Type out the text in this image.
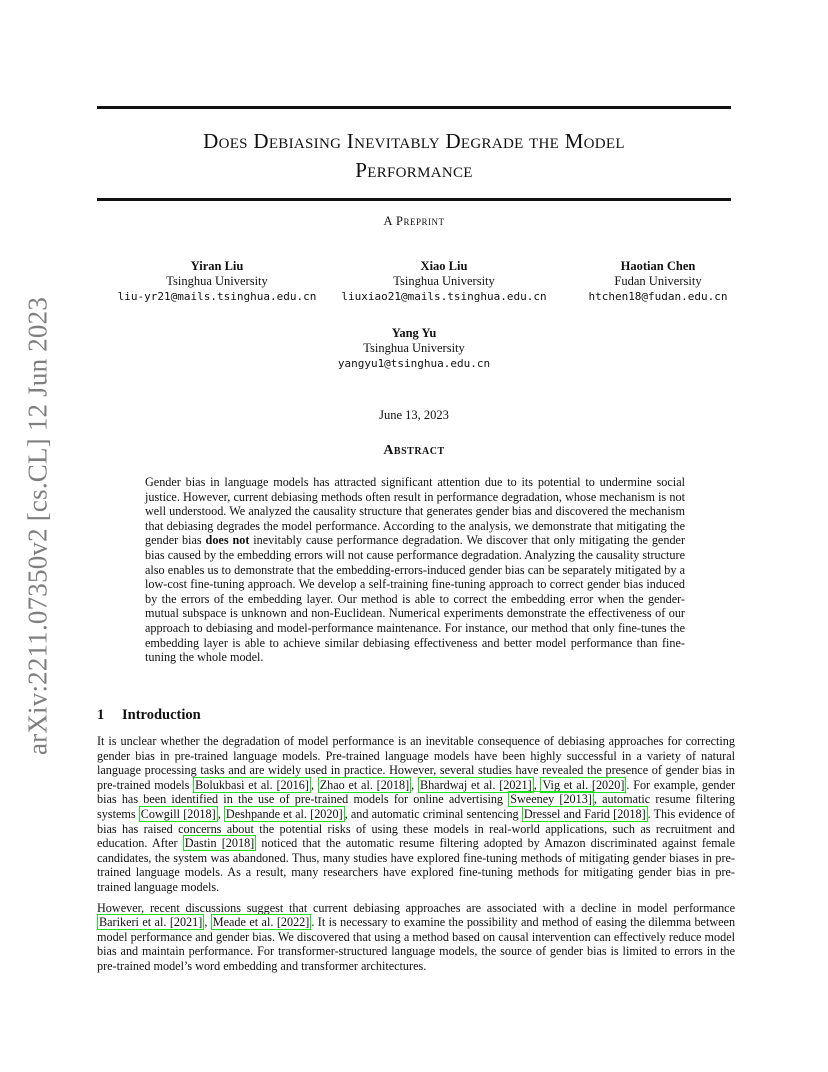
arXiv:2211.07350v2 [cs.CL] 12 Jun 2023
Does Debiasing Inevitably Degrade the Model
Performance
A Preprint
Yiran Liu
Tsinghua University
liu-yr21@mails.tsinghua.edu.cn
Xiao Liu
Tsinghua University
liuxiao21@mails.tsinghua.edu.cn
Haotian Chen
Fudan University
htchen18@fudan.edu.cn
Yang Yu
Tsinghua University
yangyu1@tsinghua.edu.cn
June 13, 2023
Abstract
Gender bias in language models has attracted significant attention due to its potential to undermine social justice. However, current debiasing methods often result in performance degradation, whose mechanism is not well understood. We analyzed the causality structure that generates gender bias and discovered the mechanism that debiasing degrades the model performance. According to the analysis, we demonstrate that mitigating the gender bias does not inevitably cause performance degradation. We discover that only mitigating the gender bias caused by the embedding errors will not cause performance degradation. Analyzing the causality structure also enables us to demonstrate that the embedding-errors-induced gender bias can be separately mitigated by a low-cost fine-tuning approach. We develop a self-training fine-tuning approach to correct gender bias induced by the errors of the embedding layer. Our method is able to correct the embedding error when the gender-mutual subspace is unknown and non-Euclidean. Numerical experiments demonstrate the effectiveness of our approach to debiasing and model-performance maintenance. For instance, our method that only fine-tunes the embedding layer is able to achieve similar debiasing effectiveness and better model performance than fine-tuning the whole model.
1 Introduction

It is unclear whether the degradation of model performance is an inevitable consequence of debiasing approaches for correcting gender bias in pre-trained language models. Pre-trained language models have been highly successful in a variety of natural language processing tasks and are widely used in practice. However, several studies have revealed the presence of gender bias in pre-trained models Bolukbasi et al. [2016] , Zhao et al. [2018] , Bhardwaj et al. [2021] , Vig et al. [2020] . For example, gender bias has been identified in the use of pre-trained models for online advertising Sweeney [2013] , automatic resume filtering systems Cowgill [2018] , Deshpande et al. [2020] , and automatic criminal sentencing Dressel and Farid [2018] . This evidence of bias has raised concerns about the potential risks of using these models in real-world applications, such as recruitment and education. After Dastin [2018] noticed that the automatic resume filtering adopted by Amazon discriminated against female candidates, the system was abandoned. Thus, many studies have explored fine-tuning methods of mitigating gender biases in pre-trained language models. As a result, many researchers have explored fine-tuning methods for mitigating gender bias in pre-trained language models.

However, recent discussions suggest that current debiasing approaches are associated with a decline in model performance Barikeri et al. [2021] , Meade et al. [2022] . It is necessary to examine the possibility and method of easing the dilemma between model performance and gender bias. We discovered that using a method based on causal intervention can effectively reduce model bias and maintain performance. For transformer-structured language models, the source of gender bias is limited to errors in the pre-trained model’s word embedding and transformer architectures.
